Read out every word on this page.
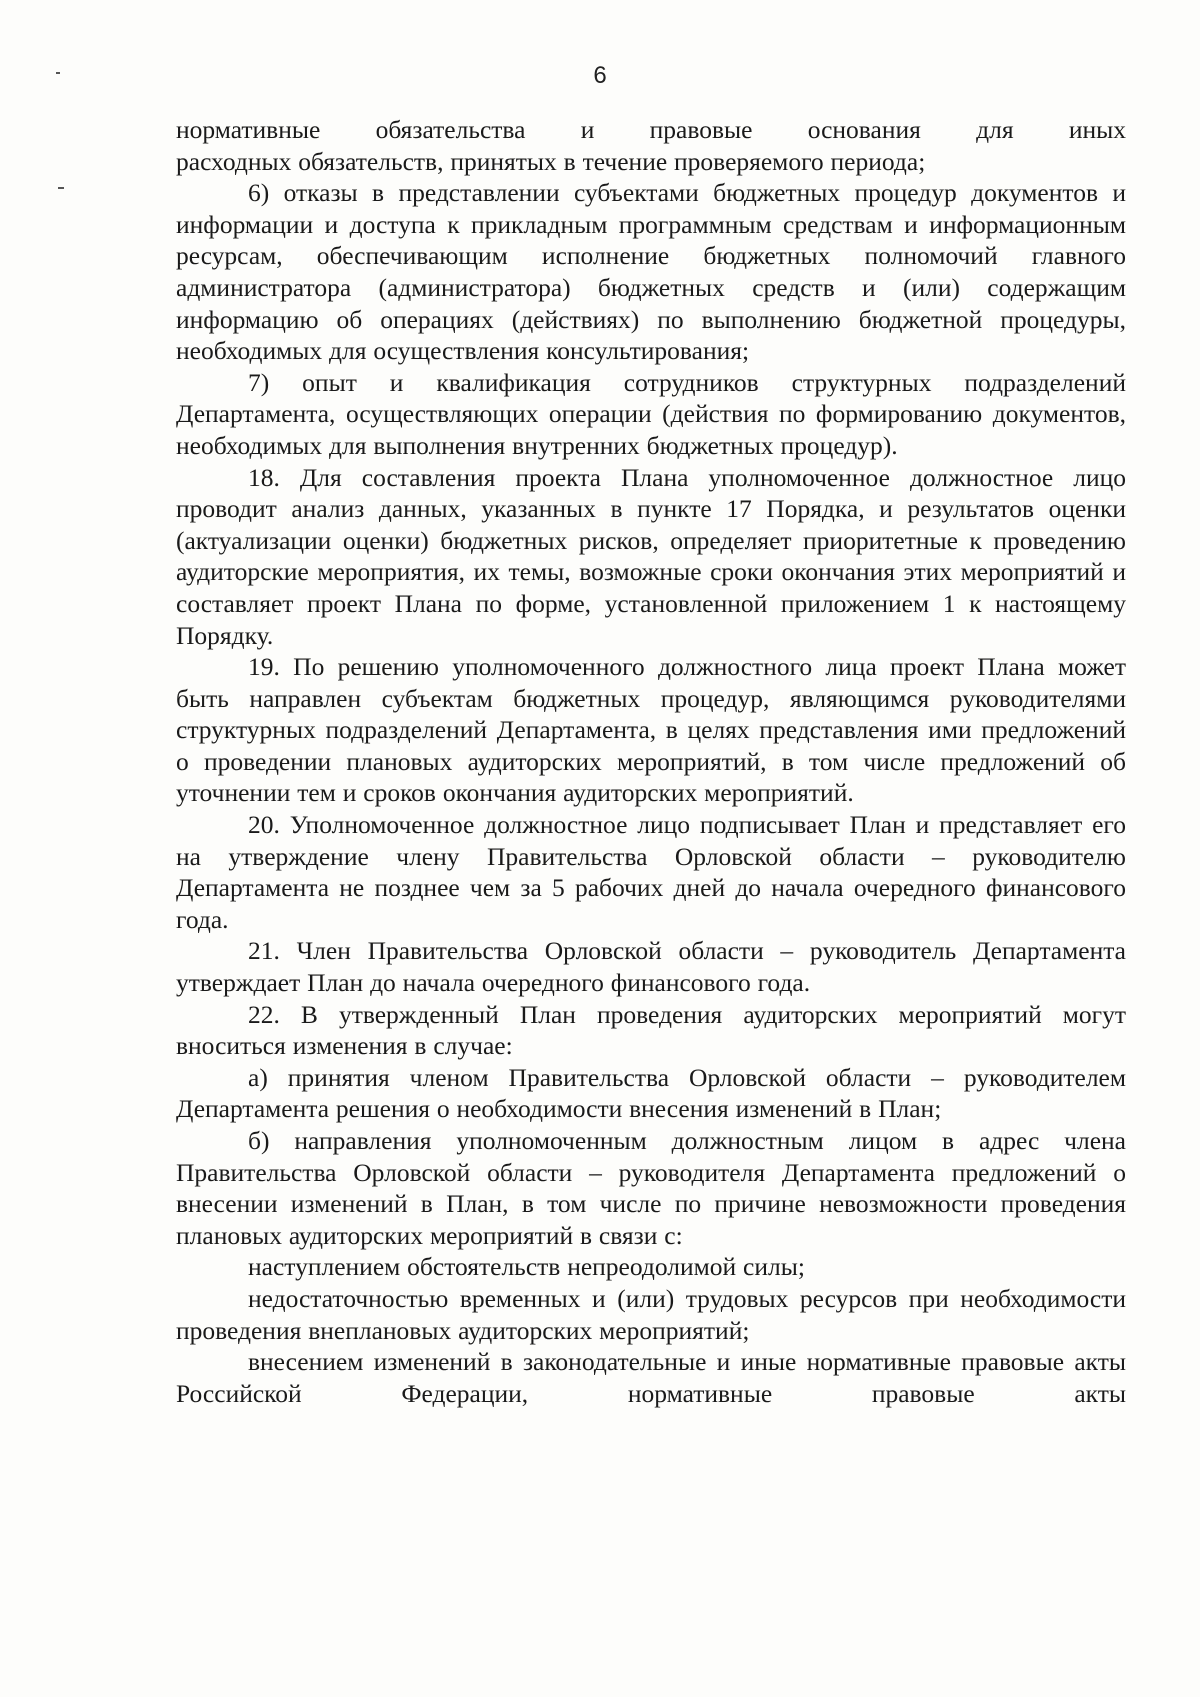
6

нормативные обязательства и правовые основания для иных

расходных обязательств, принятых в течение проверяемого периода;

6) отказы в представлении субъектами бюджетных процедур документов и информации и доступа к прикладным программным средствам и информационным ресурсам, обеспечивающим исполнение бюджетных полномочий главного администратора (администратора) бюджетных средств и (или) содержащим информацию об операциях (действиях) по выполнению бюджетной процедуры, необходимых для осуществления консультирования;

7) опыт и квалификация сотрудников структурных подразделений Департамента, осуществляющих операции (действия по формированию документов, необходимых для выполнения внутренних бюджетных процедур).

18. Для составления проекта Плана уполномоченное должностное лицо проводит анализ данных, указанных в пункте 17 Порядка, и результатов оценки (актуализации оценки) бюджетных рисков, определяет приоритетные к проведению аудиторские мероприятия, их темы, возможные сроки окончания этих мероприятий и составляет проект Плана по форме, установленной приложением 1 к настоящему Порядку.

19. По решению уполномоченного должностного лица проект Плана может быть направлен субъектам бюджетных процедур, являющимся руководителями структурных подразделений Департамента, в целях представления ими предложений о проведении плановых аудиторских мероприятий, в том числе предложений об уточнении тем и сроков окончания аудиторских мероприятий.

20. Уполномоченное должностное лицо подписывает План и представляет его на утверждение члену Правительства Орловской области – руководителю Департамента не позднее чем за 5 рабочих дней до начала очередного финансового года.

21. Член Правительства Орловской области – руководитель Департамента утверждает План до начала очередного финансового года.

22. В утвержденный План проведения аудиторских мероприятий могут вноситься изменения в случае:

а) принятия членом Правительства Орловской области – руководителем Департамента решения о необходимости внесения изменений в План;

б) направления уполномоченным должностным лицом в адрес члена Правительства Орловской области – руководителя Департамента предложений о внесении изменений в План, в том числе по причине невозможности проведения плановых аудиторских мероприятий в связи с:

наступлением обстоятельств непреодолимой силы;

недостаточностью временных и (или) трудовых ресурсов при необходимости проведения внеплановых аудиторских мероприятий;

внесением изменений в законодательные и иные нормативные правовые акты Российской Федерации, нормативные правовые акты
